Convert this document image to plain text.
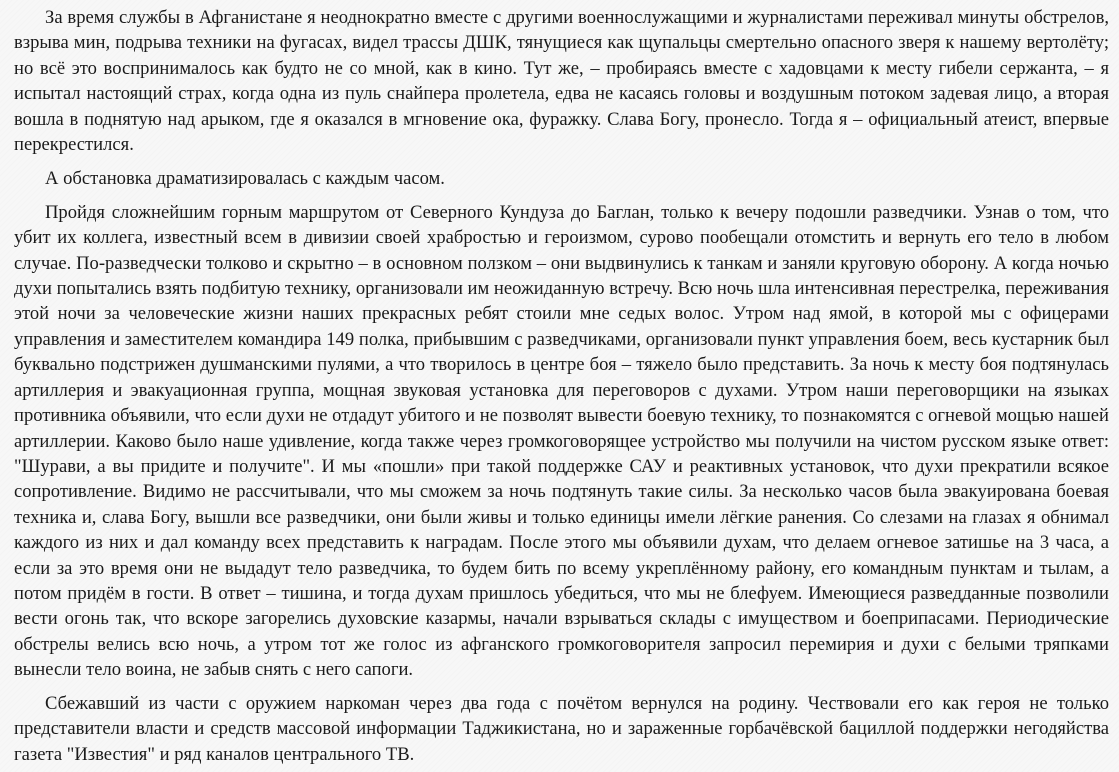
За время службы в Афганистане я неоднократно вместе с другими военнослужащими и журналистами переживал минуты обстрелов, взрыва мин, подрыва техники на фугасах, видел трассы ДШК, тянущиеся как щупальцы смертельно опасного зверя к нашему вертолёту; но всё это воспринималось как будто не со мной, как в кино. Тут же, – пробираясь вместе с хадовцами к месту гибели сержанта, – я испытал настоящий страх, когда одна из пуль снайпера пролетела, едва не касаясь головы и воздушным потоком задевая лицо, а вторая вошла в поднятую над арыком, где я оказался в мгновение ока, фуражку. Слава Богу, пронесло. Тогда я – официальный атеист, впервые перекрестился.

А обстановка драматизировалась с каждым часом.

Пройдя сложнейшим горным маршрутом от Северного Кундуза до Баглан, только к вечеру подошли разведчики. Узнав о том, что убит их коллега, известный всем в дивизии своей храбростью и героизмом, сурово пообещали отомстить и вернуть его тело в любом случае. По-разведчески толково и скрытно – в основном ползком – они выдвинулись к танкам и заняли круговую оборону. А когда ночью духи попытались взять подбитую технику, организовали им неожиданную встречу. Всю ночь шла интенсивная перестрелка, переживания этой ночи за человеческие жизни наших прекрасных ребят стоили мне седых волос. Утром над ямой, в которой мы с офицерами управления и заместителем командира 149 полка, прибывшим с разведчиками, организовали пункт управления боем, весь кустарник был буквально подстрижен душманскими пулями, а что творилось в центре боя – тяжело было представить. За ночь к месту боя подтянулась артиллерия и эвакуационная группа, мощная звуковая установка для переговоров с духами. Утром наши переговорщики на языках противника объявили, что если духи не отдадут убитого и не позволят вывести боевую технику, то познакомятся с огневой мощью нашей артиллерии. Каково было наше удивление, когда также через громкоговорящее устройство мы получили на чистом русском языке ответ: "Шурави, а вы придите и получите". И мы «пошли» при такой поддержке САУ и реактивных установок, что духи прекратили всякое сопротивление. Видимо не рассчитывали, что мы сможем за ночь подтянуть такие силы. За несколько часов была эвакуирована боевая техника и, слава Богу, вышли все разведчики, они были живы и только единицы имели лёгкие ранения. Со слезами на глазах я обнимал каждого из них и дал команду всех представить к наградам. После этого мы объявили духам, что делаем огневое затишье на 3 часа, а если за это время они не выдадут тело разведчика, то будем бить по всему укреплённому району, его командным пунктам и тылам, а потом придём в гости. В ответ – тишина, и тогда духам пришлось убедиться, что мы не блефуем. Имеющиеся разведданные позволили вести огонь так, что вскоре загорелись духовские казармы, начали взрываться склады с имуществом и боеприпасами. Периодические обстрелы велись всю ночь, а утром тот же голос из афганского громкоговорителя запросил перемирия и духи с белыми тряпками вынесли тело воина, не забыв снять с него сапоги.

Сбежавший из части с оружием наркоман через два года с почётом вернулся на родину. Чествовали его как героя не только представители власти и средств массовой информации Таджикистана, но и зараженные горбачёвской бациллой поддержки негодяйства газета "Известия" и ряд каналов центрального ТВ.
